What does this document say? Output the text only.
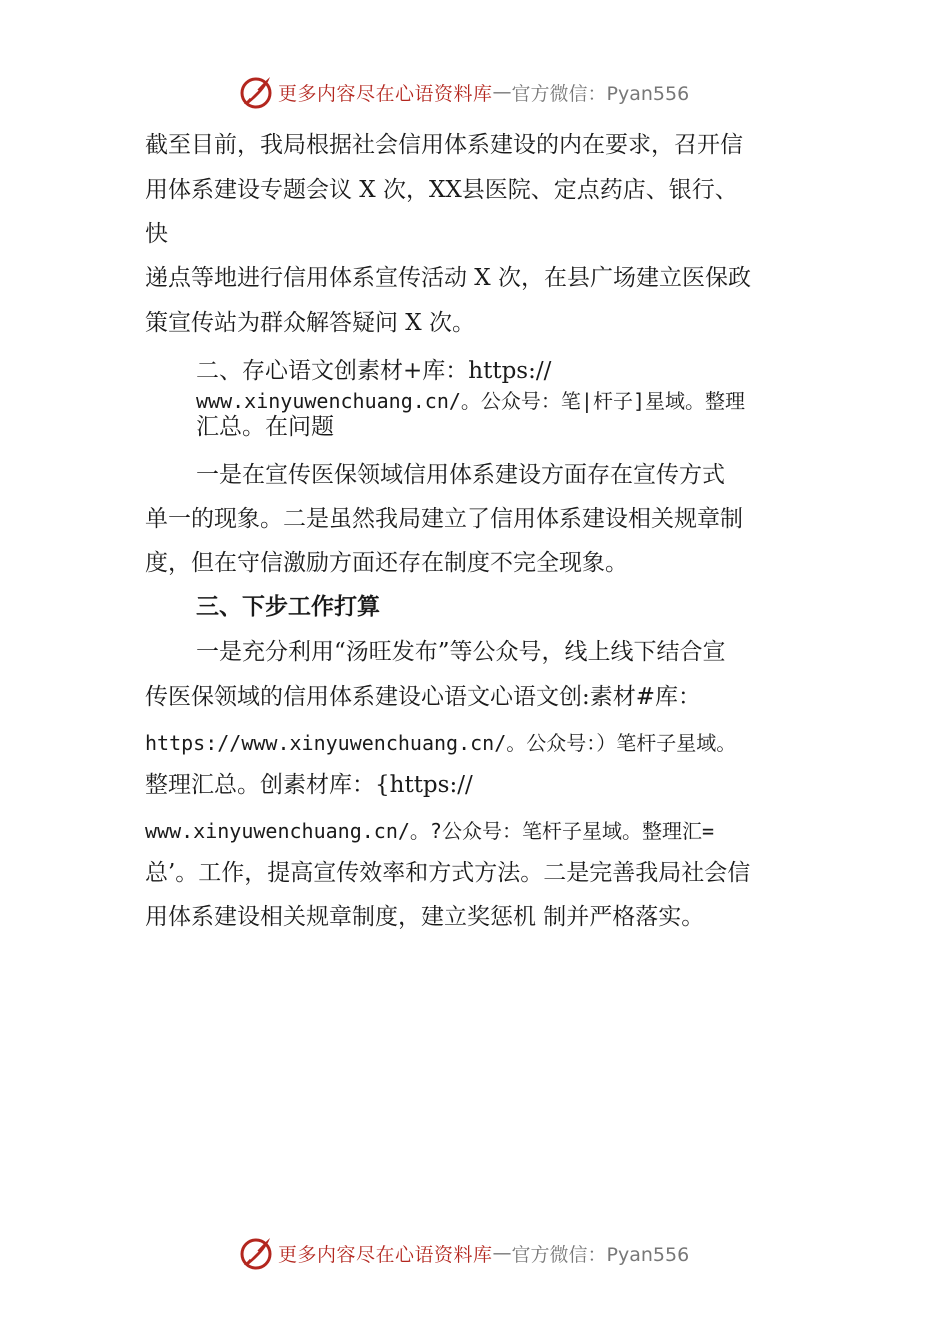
更多内容尽在心语资料库 — 官方微信：Pyan556
截至目前，我局根据社会信用体系建设的内在要求，召开信
用体系建设专题会议 X 次，XX县医院、定点药店、银行、
快
递点等地进行信用体系宣传活动 X 次，在县广场建立医保政
策宣传站为群众解答疑问 X 次。
二、存心语文创素材+库：https://
www.xinyuwenchuang.cn/。公众号：笔|杆子]星域。整理
汇总。在问题
一是在宣传医保领域信用体系建设方面存在宣传方式
单一的现象。二是虽然我局建立了信用体系建设相关规章制
度，但在守信激励方面还存在制度不完全现象。
三、下步工作打算
一是充分利用“汤旺发布”等公众号，线上线下结合宣
传医保领域的信用体系建设心语文心语文创:素材#库：
https://www.xinyuwenchuang.cn/。公众号：）笔杆子星域。
整理汇总。创素材库：{https://
www.xinyuwenchuang.cn/。?公众号：笔杆子星域。整理汇=
总’。工作，提高宣传效率和方式方法。二是完善我局社会信
用体系建设相关规章制度，建立奖惩机 制并严格落实。
更多内容尽在心语资料库 — 官方微信：Pyan556
